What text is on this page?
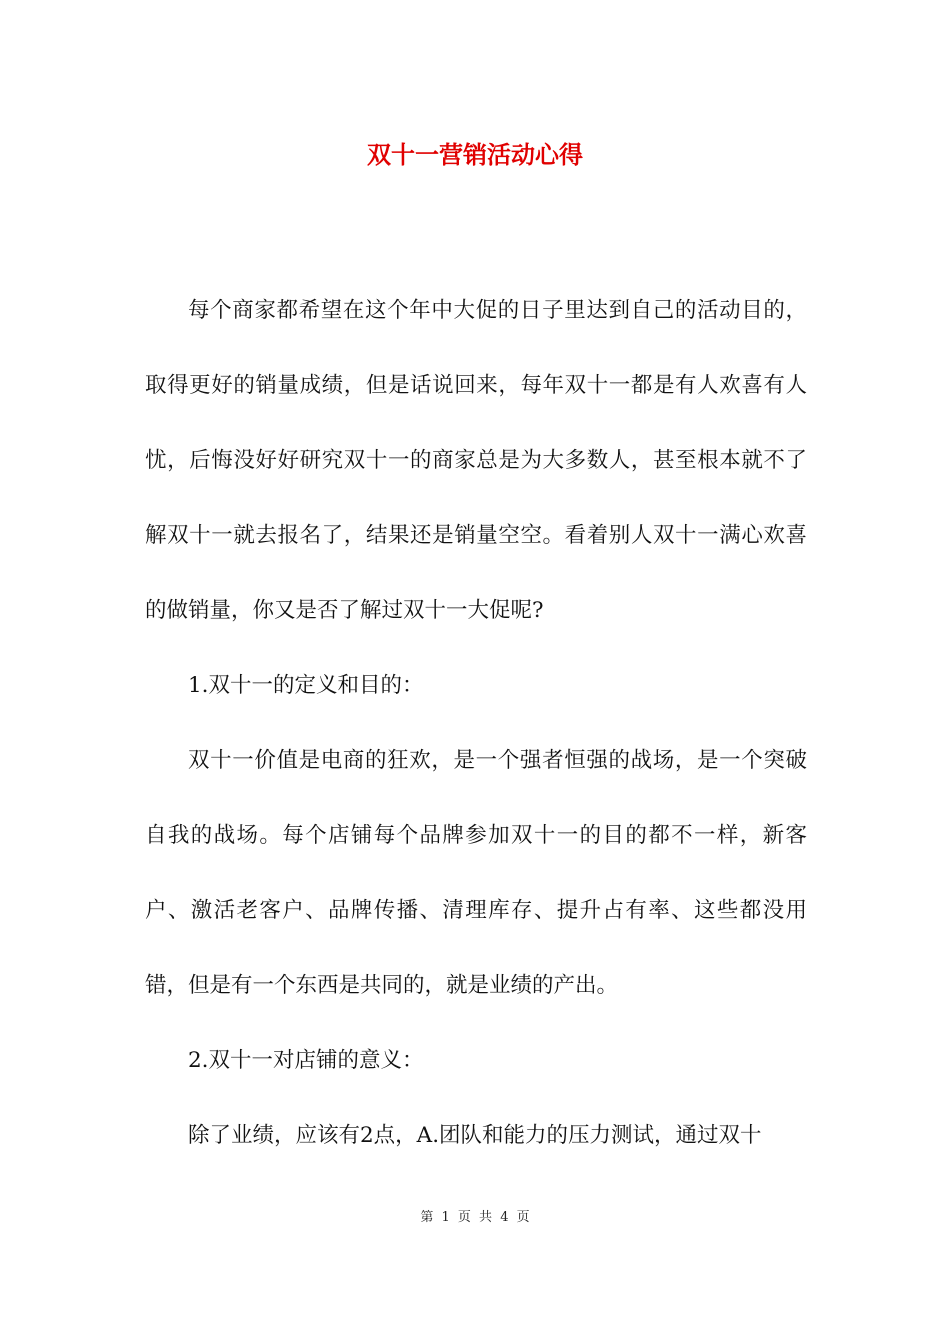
双十一营销活动心得

每个商家都希望在这个年中大促的日子里达到自己的活动目的，取得更好的销量成绩，但是话说回来，每年双十一都是有人欢喜有人忧，后悔没好好研究双十一的商家总是为大多数人，甚至根本就不了解双十一就去报名了，结果还是销量空空。看着别人双十一满心欢喜的做销量，你又是否了解过双十一大促呢?

1.双十一的定义和目的：

双十一价值是电商的狂欢，是一个强者恒强的战场，是一个突破自我的战场。每个店铺每个品牌参加双十一的目的都不一样，新客户、激活老客户、品牌传播、清理库存、提升占有率、这些都没用错，但是有一个东西是共同的，就是业绩的产出。

2.双十一对店铺的意义：

除了业绩，应该有2点，A.团队和能力的压力测试，通过双十

第 1 页 共 4 页
